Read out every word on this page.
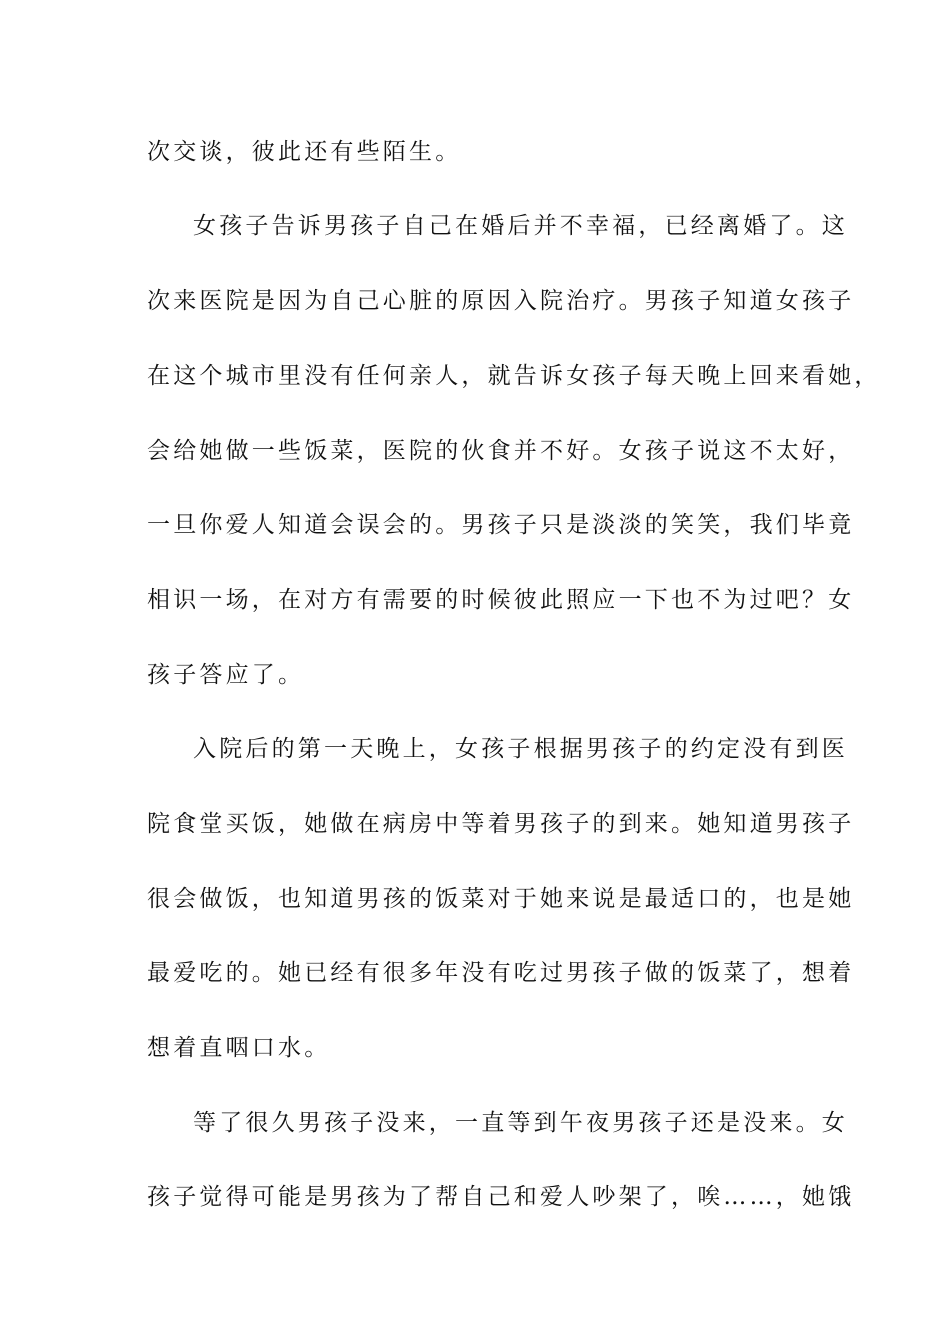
次交谈，彼此还有些陌生。
女孩子告诉男孩子自己在婚后并不幸福，已经离婚了。这
次来医院是因为自己心脏的原因入院治疗。男孩子知道女孩子
在这个城市里没有任何亲人，就告诉女孩子每天晚上回来看她，
会给她做一些饭菜，医院的伙食并不好。女孩子说这不太好，
一旦你爱人知道会误会的。男孩子只是淡淡的笑笑，我们毕竟
相识一场，在对方有需要的时候彼此照应一下也不为过吧？女
孩子答应了。
入院后的第一天晚上，女孩子根据男孩子的约定没有到医
院食堂买饭，她做在病房中等着男孩子的到来。她知道男孩子
很会做饭，也知道男孩的饭菜对于她来说是最适口的，也是她
最爱吃的。她已经有很多年没有吃过男孩子做的饭菜了，想着
想着直咽口水。
等了很久男孩子没来，一直等到午夜男孩子还是没来。女
孩子觉得可能是男孩为了帮自己和爱人吵架了，唉……，她饿
